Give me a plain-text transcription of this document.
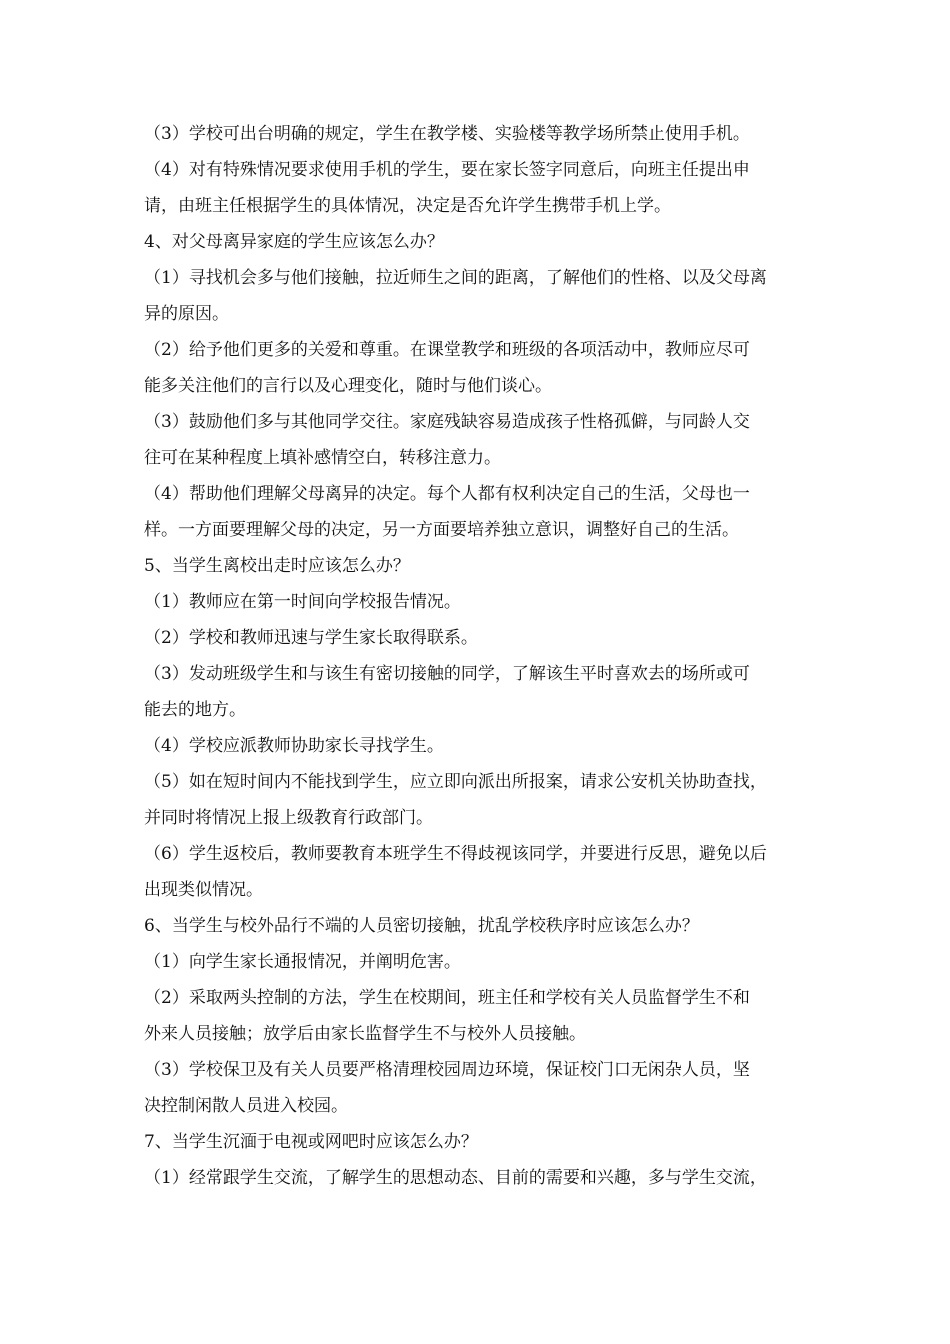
（3）学校可出台明确的规定，学生在教学楼、实验楼等教学场所禁止使用手机。
（4）对有特殊情况要求使用手机的学生，要在家长签字同意后，向班主任提出申
请，由班主任根据学生的具体情况，决定是否允许学生携带手机上学。
4、对父母离异家庭的学生应该怎么办？
（1）寻找机会多与他们接触，拉近师生之间的距离，了解他们的性格、以及父母离
异的原因。
（2）给予他们更多的关爱和尊重。在课堂教学和班级的各项活动中，教师应尽可
能多关注他们的言行以及心理变化，随时与他们谈心。
（3）鼓励他们多与其他同学交往。家庭残缺容易造成孩子性格孤僻，与同龄人交
往可在某种程度上填补感情空白，转移注意力。
（4）帮助他们理解父母离异的决定。每个人都有权利决定自己的生活，父母也一
样。一方面要理解父母的决定，另一方面要培养独立意识，调整好自己的生活。
5、当学生离校出走时应该怎么办？
（1）教师应在第一时间向学校报告情况。
（2）学校和教师迅速与学生家长取得联系。
（3）发动班级学生和与该生有密切接触的同学，了解该生平时喜欢去的场所或可
能去的地方。
（4）学校应派教师协助家长寻找学生。
（5）如在短时间内不能找到学生，应立即向派出所报案，请求公安机关协助查找，
并同时将情况上报上级教育行政部门。
（6）学生返校后，教师要教育本班学生不得歧视该同学，并要进行反思，避免以后
出现类似情况。
6、当学生与校外品行不端的人员密切接触，扰乱学校秩序时应该怎么办？
（1）向学生家长通报情况，并阐明危害。
（2）采取两头控制的方法，学生在校期间，班主任和学校有关人员监督学生不和
外来人员接触；放学后由家长监督学生不与校外人员接触。
（3）学校保卫及有关人员要严格清理校园周边环境，保证校门口无闲杂人员，坚
决控制闲散人员进入校园。
7、当学生沉湎于电视或网吧时应该怎么办？
（1）经常跟学生交流，了解学生的思想动态、目前的需要和兴趣，多与学生交流，
